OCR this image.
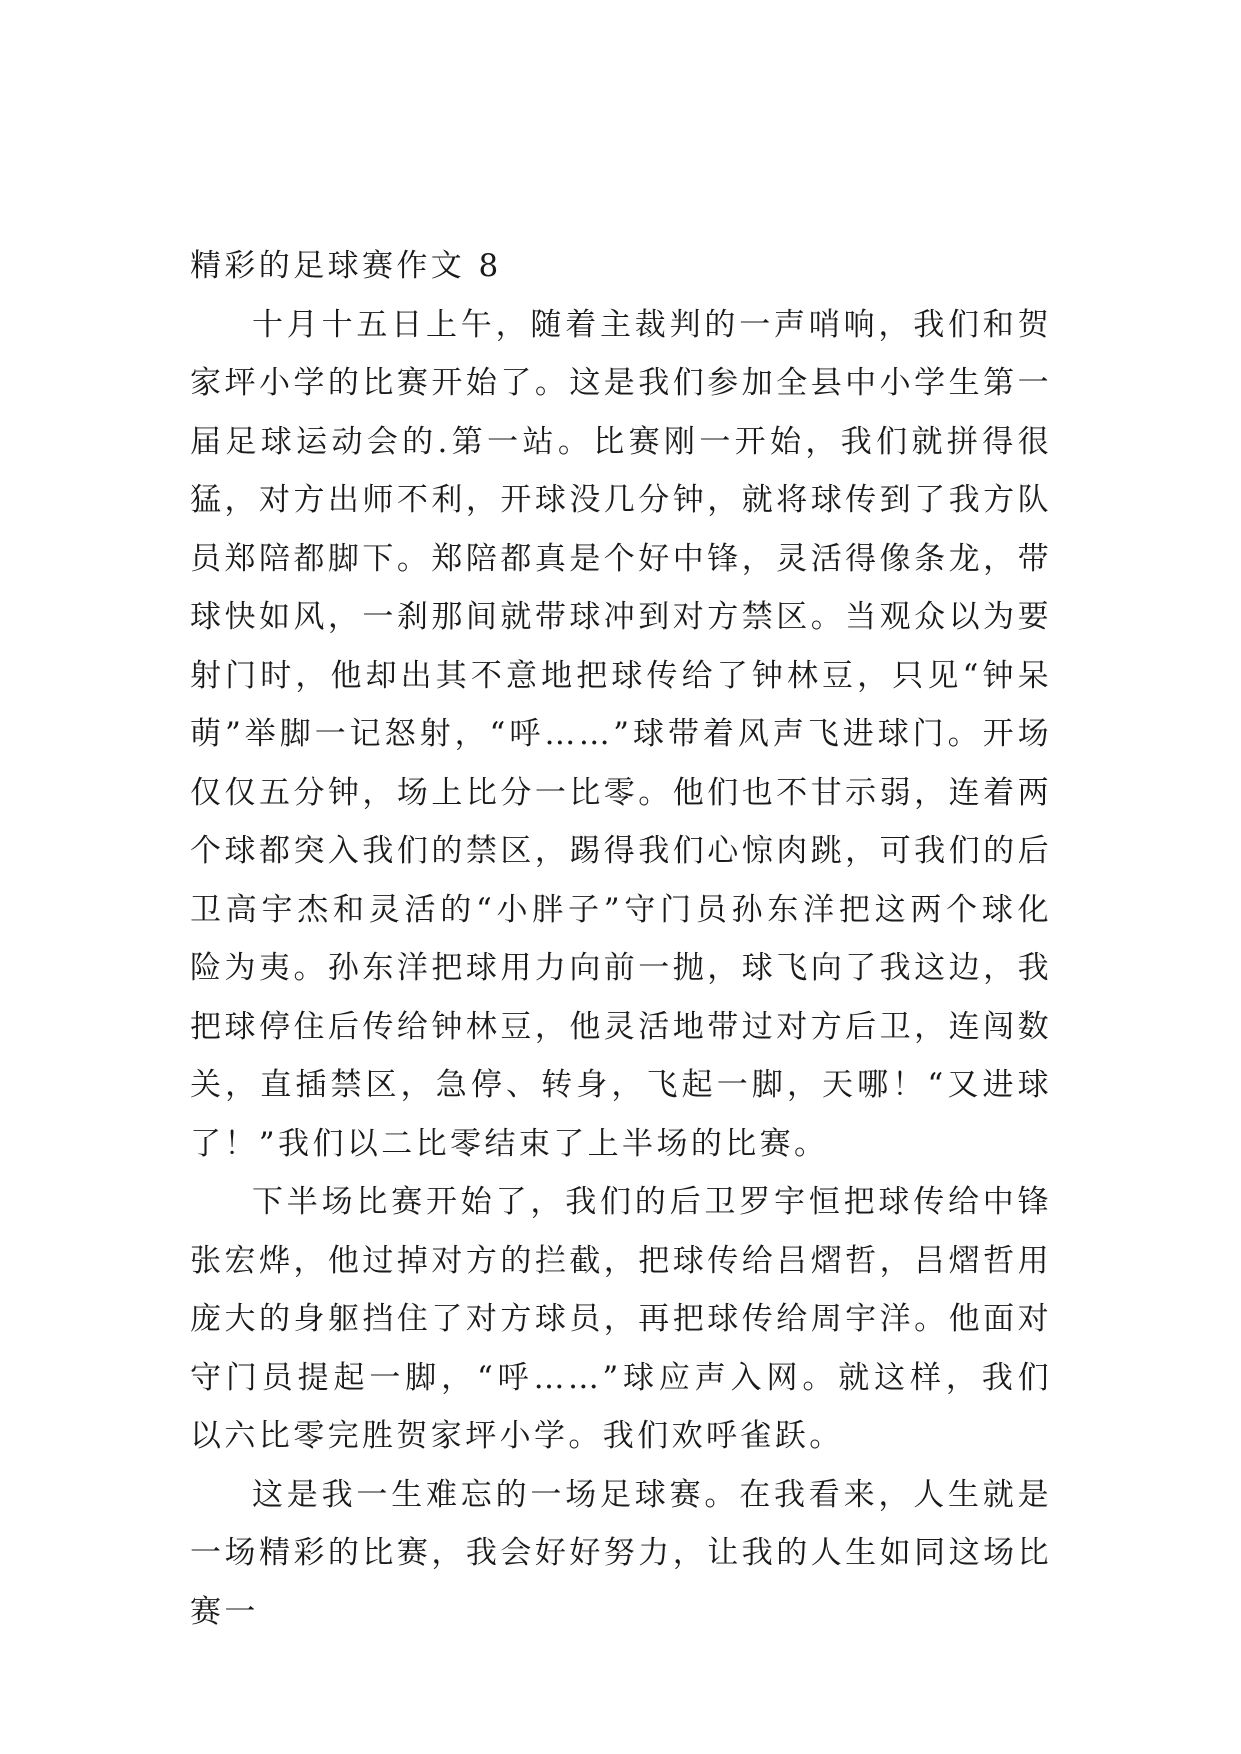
精彩的足球赛作文 8

十月十五日上午，随着主裁判的一声哨响，我们和贺家坪小学的比赛开始了。这是我们参加全县中小学生第一届足球运动会的.第一站。比赛刚一开始，我们就拼得很猛，对方出师不利，开球没几分钟，就将球传到了我方队员郑陪都脚下。郑陪都真是个好中锋，灵活得像条龙，带球快如风，一刹那间就带球冲到对方禁区。当观众以为要射门时，他却出其不意地把球传给了钟林豆，只见“钟呆萌”举脚一记怒射，“呼……”球带着风声飞进球门。开场仅仅五分钟，场上比分一比零。他们也不甘示弱，连着两个球都突入我们的禁区，踢得我们心惊肉跳，可我们的后卫高宇杰和灵活的“小胖子”守门员孙东洋把这两个球化险为夷。孙东洋把球用力向前一抛，球飞向了我这边，我把球停住后传给钟林豆，他灵活地带过对方后卫，连闯数关，直插禁区，急停、转身，飞起一脚，天哪！“又进球了！”我们以二比零结束了上半场的比赛。

下半场比赛开始了，我们的后卫罗宇恒把球传给中锋张宏烨，他过掉对方的拦截，把球传给吕熠哲，吕熠哲用庞大的身躯挡住了对方球员，再把球传给周宇洋。他面对守门员提起一脚，“呼……”球应声入网。就这样，我们以六比零完胜贺家坪小学。我们欢呼雀跃。

这是我一生难忘的一场足球赛。在我看来，人生就是一场精彩的比赛，我会好好努力，让我的人生如同这场比赛一
